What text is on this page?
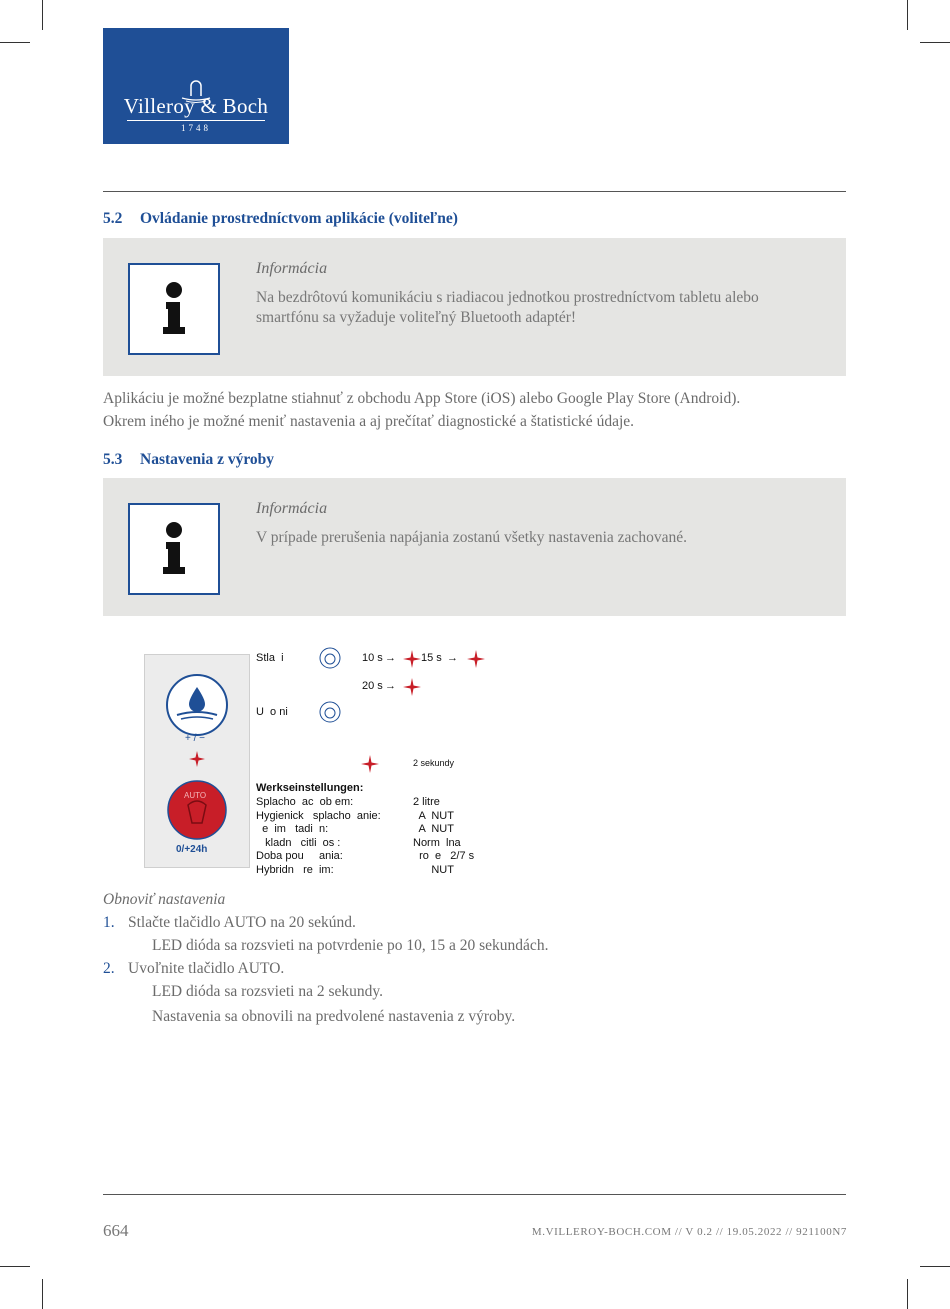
Villeroy & Boch
1748
5.2 Ovládanie prostredníctvom aplikácie (voliteľne)
Informácia
Na bezdrôtovú komunikáciu s riadiacou jednotkou prostredníctvom tabletu alebo smartfónu sa vyžaduje voliteľný Bluetooth adaptér!
Aplikáciu je možné bezplatne stiahnuť z obchodu App Store (iOS) alebo Google Play Store (Android).
Okrem iného je možné meniť nastavenia a aj prečítať diagnostické a štatistické údaje.
5.3 Nastavenia z výroby
Informácia
V prípade prerušenia napájania zostanú všetky nastavenia zachované.
+ / −
AUTO
0/+24h
Stla  i	10 s → 15 s →
20 s →
U  o ni
2 sekundy
Werkseinstellungen:
Splacho  ac  ob em:	2 litre
Hygienick   splacho  anie:	A  NUT
e  im   tadi  n:	A  NUT
kladn   citli  os :	Norm  lna
Doba pou     ania:	ro  e   2/7 s
Hybridn   re  im:	NUT
Obnoviť nastavenia
1. Stlačte tlačidlo AUTO na 20 sekúnd.
LED dióda sa rozsvieti na potvrdenie po 10, 15 a 20 sekundách.
2. Uvoľnite tlačidlo AUTO.
LED dióda sa rozsvieti na 2 sekundy.
Nastavenia sa obnovili na predvolené nastavenia z výroby.
664	M.VILLEROY-BOCH.COM // V 0.2 // 19.05.2022 // 921100N7
